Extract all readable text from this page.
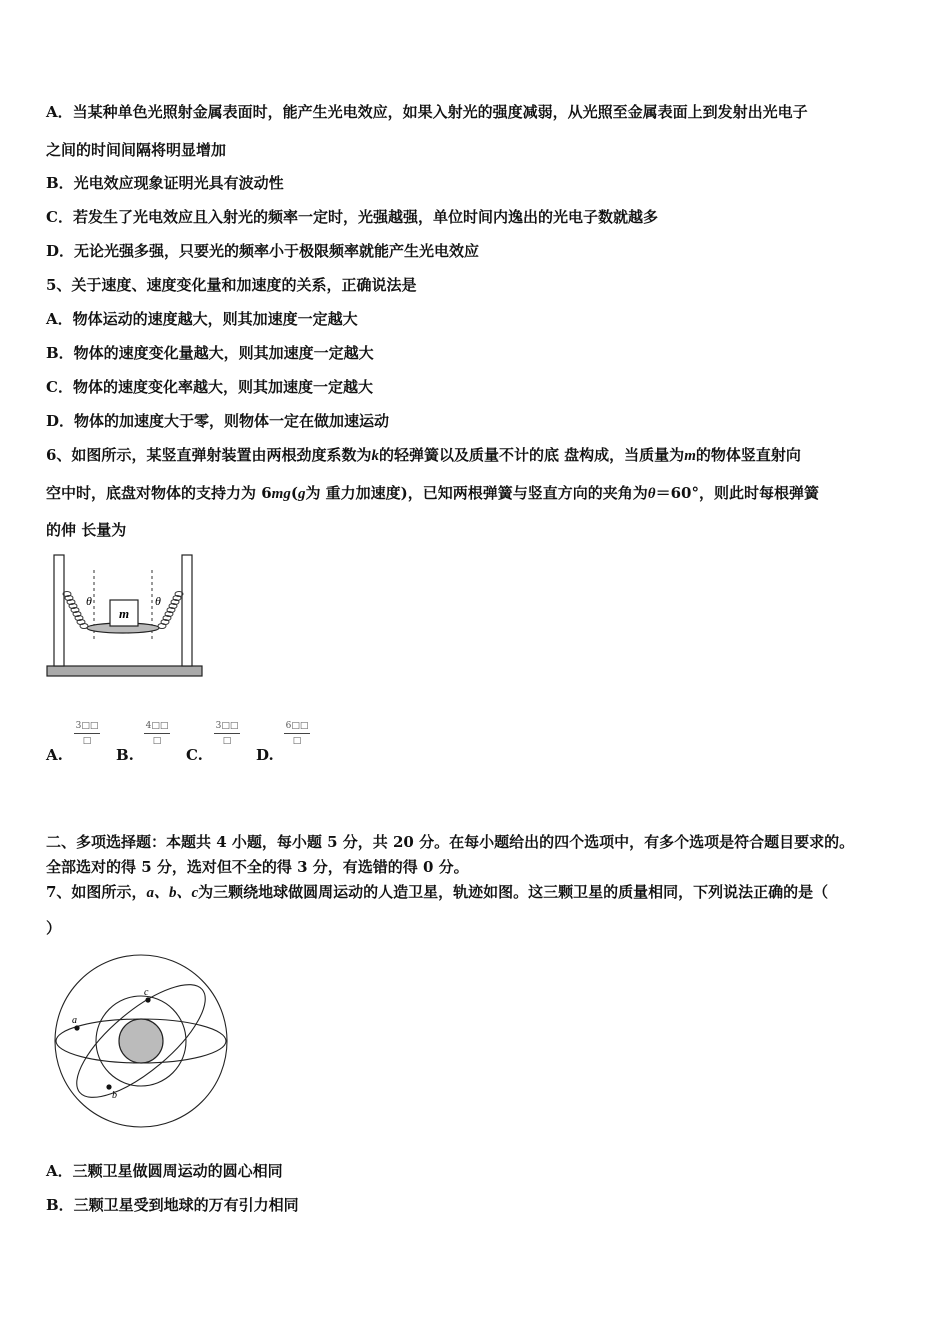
A．当某种单色光照射金属表面时，能产生光电效应，如果入射光的强度减弱，从光照至金属表面上到发射出光电子
之间的时间间隔将明显增加
B．光电效应现象证明光具有波动性
C．若发生了光电效应且入射光的频率一定时，光强越强，单位时间内逸出的光电子数就越多
D．无论光强多强，只要光的频率小于极限频率就能产生光电效应
5、关于速度、速度变化量和加速度的关系，正确说法是
A．物体运动的速度越大，则其加速度一定越大
B．物体的速度变化量越大，则其加速度一定越大
C．物体的速度变化率越大，则其加速度一定越大
D．物体的加速度大于零，则物体一定在做加速运动
6、如图所示，某竖直弹射装置由两根劲度系数为k的轻弹簧以及质量不计的底 盘构成，当质量为m的物体竖直射向
空中时，底盘对物体的支持力为 6mg(g为 重力加速度)，已知两根弹簧与竖直方向的夹角为θ＝60°，则此时每根弹簧
的伸 长量为
m
θ	θ
A.
3□□
□
B.
4□□
□
C.
3□□
□
D.
6□□
□
二、多项选择题：本题共 4 小题，每小题 5 分，共 20 分。在每小题给出的四个选项中，有多个选项是符合题目要求的。
全部选对的得 5 分，选对但不全的得 3 分，有选错的得 0 分。
7、如图所示，a、b、c为三颗绕地球做圆周运动的人造卫星，轨迹如图。这三颗卫星的质量相同，下列说法正确的是（
）
a
b
c
A．三颗卫星做圆周运动的圆心相同
B．三颗卫星受到地球的万有引力相同
